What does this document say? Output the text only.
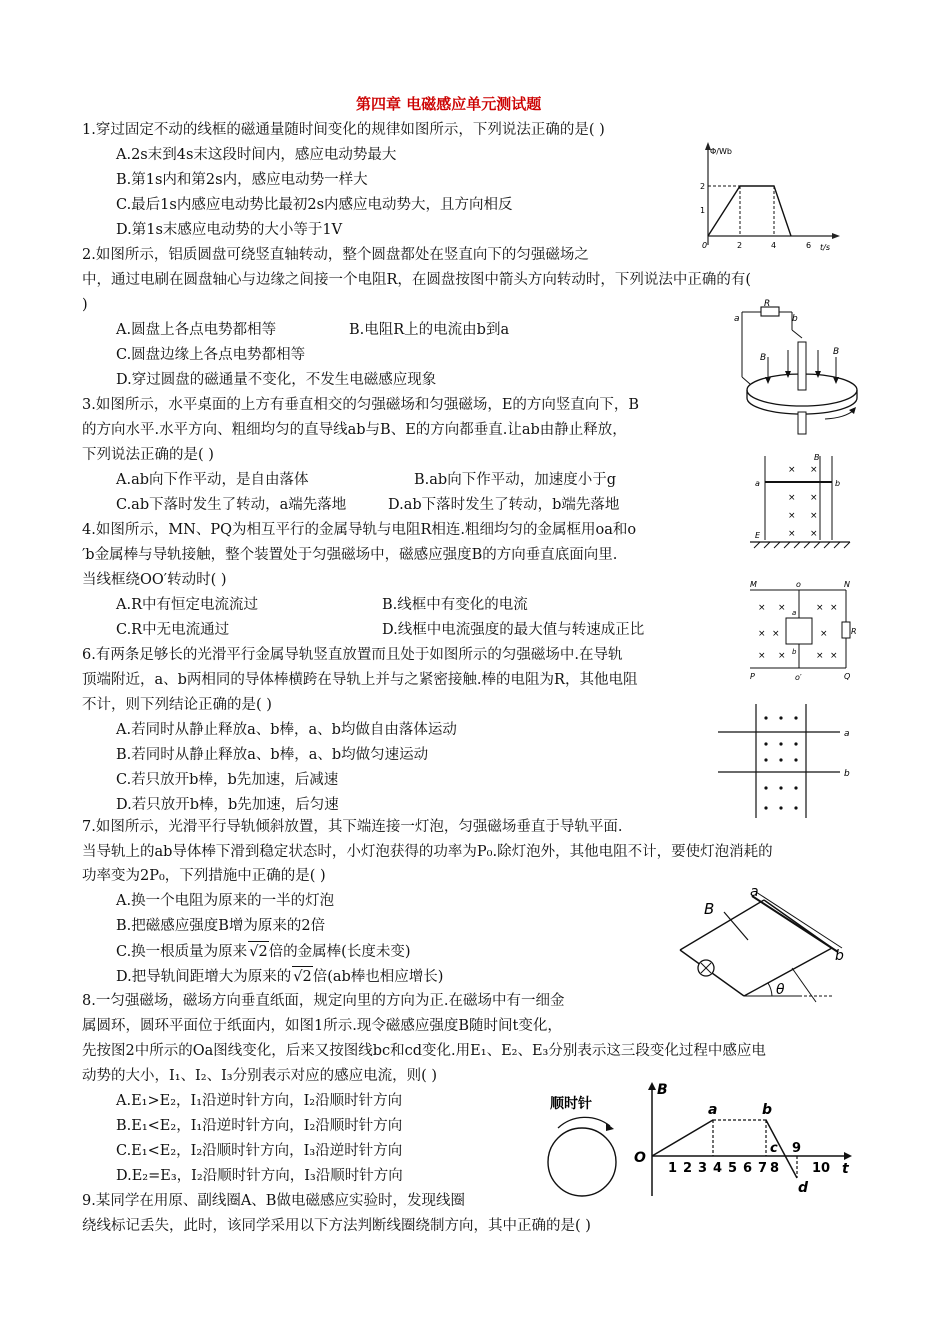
第四章 电磁感应单元测试题
1.穿过固定不动的线框的磁通量随时间变化的规律如图所示，下列说法正确的是( )
A.2s末到4s末这段时间内，感应电动势最大
B.第1s内和第2s内，感应电动势一样大
C.最后1s内感应电动势比最初2s内感应电动势大，且方向相反
D.第1s末感应电动势的大小等于1V
Φ/Wb
t/s
2
1
0	2	4	6
2.如图所示，铝质圆盘可绕竖直轴转动，整个圆盘都处在竖直向下的匀强磁场之
中，通过电刷在圆盘轴心与边缘之间接一个电阻R，在圆盘按图中箭头方向转动时，下列说法中正确的有(
)
A.圆盘上各点电势都相等	B.电阻R上的电流由b到a
C.圆盘边缘上各点电势都相等
D.穿过圆盘的磁通量不变化，不发生电磁感应现象
R
a	b
B
B
3.如图所示，水平桌面的上方有垂直相交的匀强磁场和匀强磁场，E的方向竖直向下，B
的方向水平.水平方向、粗细均匀的直导线ab与B、E的方向都垂直.让ab由静止释放，
下列说法正确的是( )
A.ab向下作平动，是自由落体	B.ab向下作平动，加速度小于g
C.ab下落时发生了转动，a端先落地	D.ab下落时发生了转动，b端先落地
a	b
B
E
× ×
× ×
× ×
× ×
4.如图所示，MN、PQ为相互平行的金属导轨与电阻R相连.粗细均匀的金属框用oa和o
′b金属棒与导轨接触，整个装置处于匀强磁场中，磁感应强度B的方向垂直底面向里.
当线框绕OO′转动时( )
A.R中有恒定电流流过	B.线框中有变化的电流
C.R中无电流通过	D.线框中电流强度的最大值与转速成正比	R
M	N
P	Q
o
o′
a
b
× ×	× ×
× ×	×
× ×	× ×
6.有两条足够长的光滑平行金属导轨竖直放置而且处于如图所示的匀强磁场中.在导轨
顶端附近，a、b两相同的导体棒横跨在导轨上并与之紧密接触.棒的电阻为R，其他电阻
不计，则下列结论正确的是( )
A.若同时从静止释放a、b棒，a、b均做自由落体运动
B.若同时从静止释放a、b棒，a、b均做匀速运动
C.若只放开b棒，b先加速，后减速
D.若只放开b棒，b先加速，后匀速
a
b
7.如图所示，光滑平行导轨倾斜放置，其下端连接一灯泡，匀强磁场垂直于导轨平面.
当导轨上的ab导体棒下滑到稳定状态时，小灯泡获得的功率为P₀.除灯泡外，其他电阻不计，要使灯泡消耗的
功率变为2P₀，下列措施中正确的是( )
A.换一个电阻为原来的一半的灯泡
B.把磁感应强度B增为原来的2倍
C.换一根质量为原来 √2倍的金属棒(长度未变)
D.把导轨间距增大为原来的 √2倍(ab棒也相应增长)
a
b
B
θ
8.一匀强磁场，磁场方向垂直纸面，规定向里的方向为正.在磁场中有一细金
属圆环，圆环平面位于纸面内，如图1所示.现令磁感应强度B随时间t变化，
先按图2中所示的Oa图线变化，后来又按图线bc和cd变化.用E₁、E₂、E₃分别表示这三段变化过程中感应电
动势的大小，I₁、I₂、I₃分别表示对应的感应电流，则( )
A.E₁>E₂，I₁沿逆时针方向，I₂沿顺时针方向
B.E₁<E₂，I₁沿逆时针方向，I₂沿顺时针方向
C.E₁<E₂，I₂沿顺时针方向，I₃沿逆时针方向
D.E₂=E₃，I₂沿顺时针方向，I₃沿顺时针方向
顺时针
B
t
O
a	b
c
d
9
1 2 3 4 5 6 7 8	10
9.某同学在用原、副线圈A、B做电磁感应实验时，发现线圈
绕线标记丢失，此时，该同学采用以下方法判断线圈绕制方向，其中正确的是( )
